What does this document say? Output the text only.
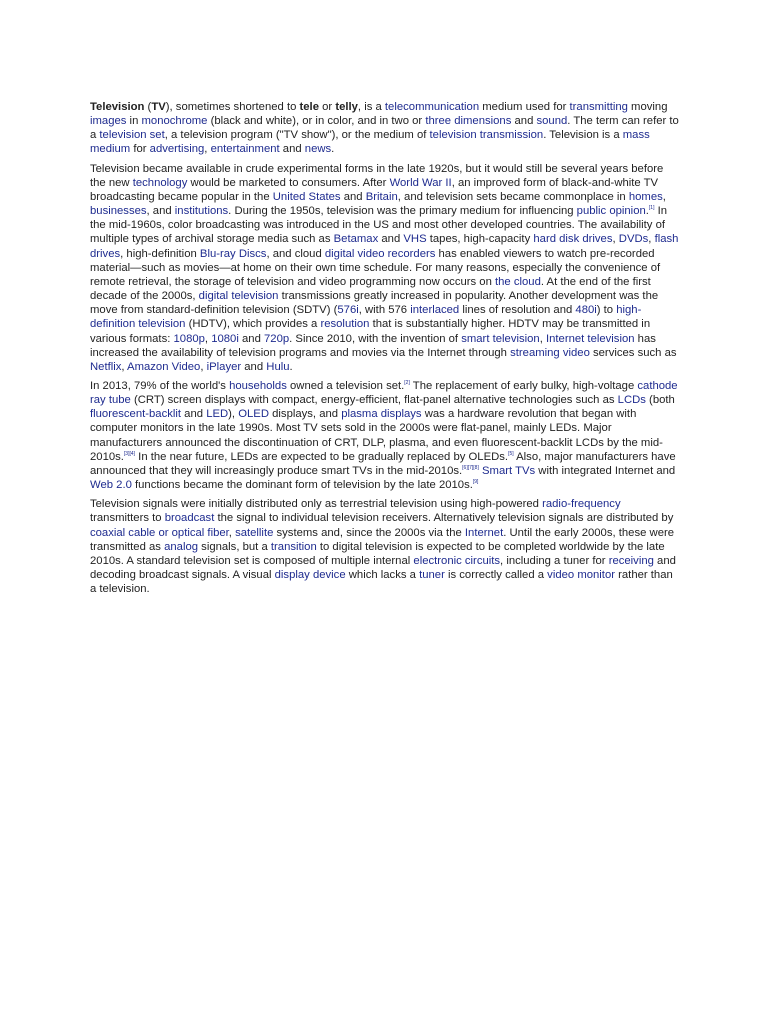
Television (TV), sometimes shortened to tele or telly, is a telecommunication medium used for transmitting moving images in monochrome (black and white), or in color, and in two or three dimensions and sound. The term can refer to a television set, a television program ("TV show"), or the medium of television transmission. Television is a mass medium for advertising, entertainment and news.

Television became available in crude experimental forms in the late 1920s, but it would still be several years before the new technology would be marketed to consumers. After World War II, an improved form of black-and-white TV broadcasting became popular in the United States and Britain, and television sets became commonplace in homes, businesses, and institutions. During the 1950s, television was the primary medium for influencing public opinion.[1] In the mid-1960s, color broadcasting was introduced in the US and most other developed countries. The availability of multiple types of archival storage media such as Betamax and VHS tapes, high-capacity hard disk drives, DVDs, flash drives, high-definition Blu-ray Discs, and cloud digital video recorders has enabled viewers to watch pre-recorded material—such as movies—at home on their own time schedule. For many reasons, especially the convenience of remote retrieval, the storage of television and video programming now occurs on the cloud. At the end of the first decade of the 2000s, digital television transmissions greatly increased in popularity. Another development was the move from standard-definition television (SDTV) (576i, with 576 interlaced lines of resolution and 480i) to high-definition television (HDTV), which provides a resolution that is substantially higher. HDTV may be transmitted in various formats: 1080p, 1080i and 720p. Since 2010, with the invention of smart television, Internet television has increased the availability of television programs and movies via the Internet through streaming video services such as Netflix, Amazon Video, iPlayer and Hulu.

In 2013, 79% of the world's households owned a television set.[2] The replacement of early bulky, high-voltage cathode ray tube (CRT) screen displays with compact, energy-efficient, flat-panel alternative technologies such as LCDs (both fluorescent-backlit and LED), OLED displays, and plasma displays was a hardware revolution that began with computer monitors in the late 1990s. Most TV sets sold in the 2000s were flat-panel, mainly LEDs. Major manufacturers announced the discontinuation of CRT, DLP, plasma, and even fluorescent-backlit LCDs by the mid-2010s.[3][4] In the near future, LEDs are expected to be gradually replaced by OLEDs.[5] Also, major manufacturers have announced that they will increasingly produce smart TVs in the mid-2010s.[6][7][8] Smart TVs with integrated Internet and Web 2.0 functions became the dominant form of television by the late 2010s.[9]

Television signals were initially distributed only as terrestrial television using high-powered radio-frequency transmitters to broadcast the signal to individual television receivers. Alternatively television signals are distributed by coaxial cable or optical fiber, satellite systems and, since the 2000s via the Internet. Until the early 2000s, these were transmitted as analog signals, but a transition to digital television is expected to be completed worldwide by the late 2010s. A standard television set is composed of multiple internal electronic circuits, including a tuner for receiving and decoding broadcast signals. A visual display device which lacks a tuner is correctly called a video monitor rather than a television.
